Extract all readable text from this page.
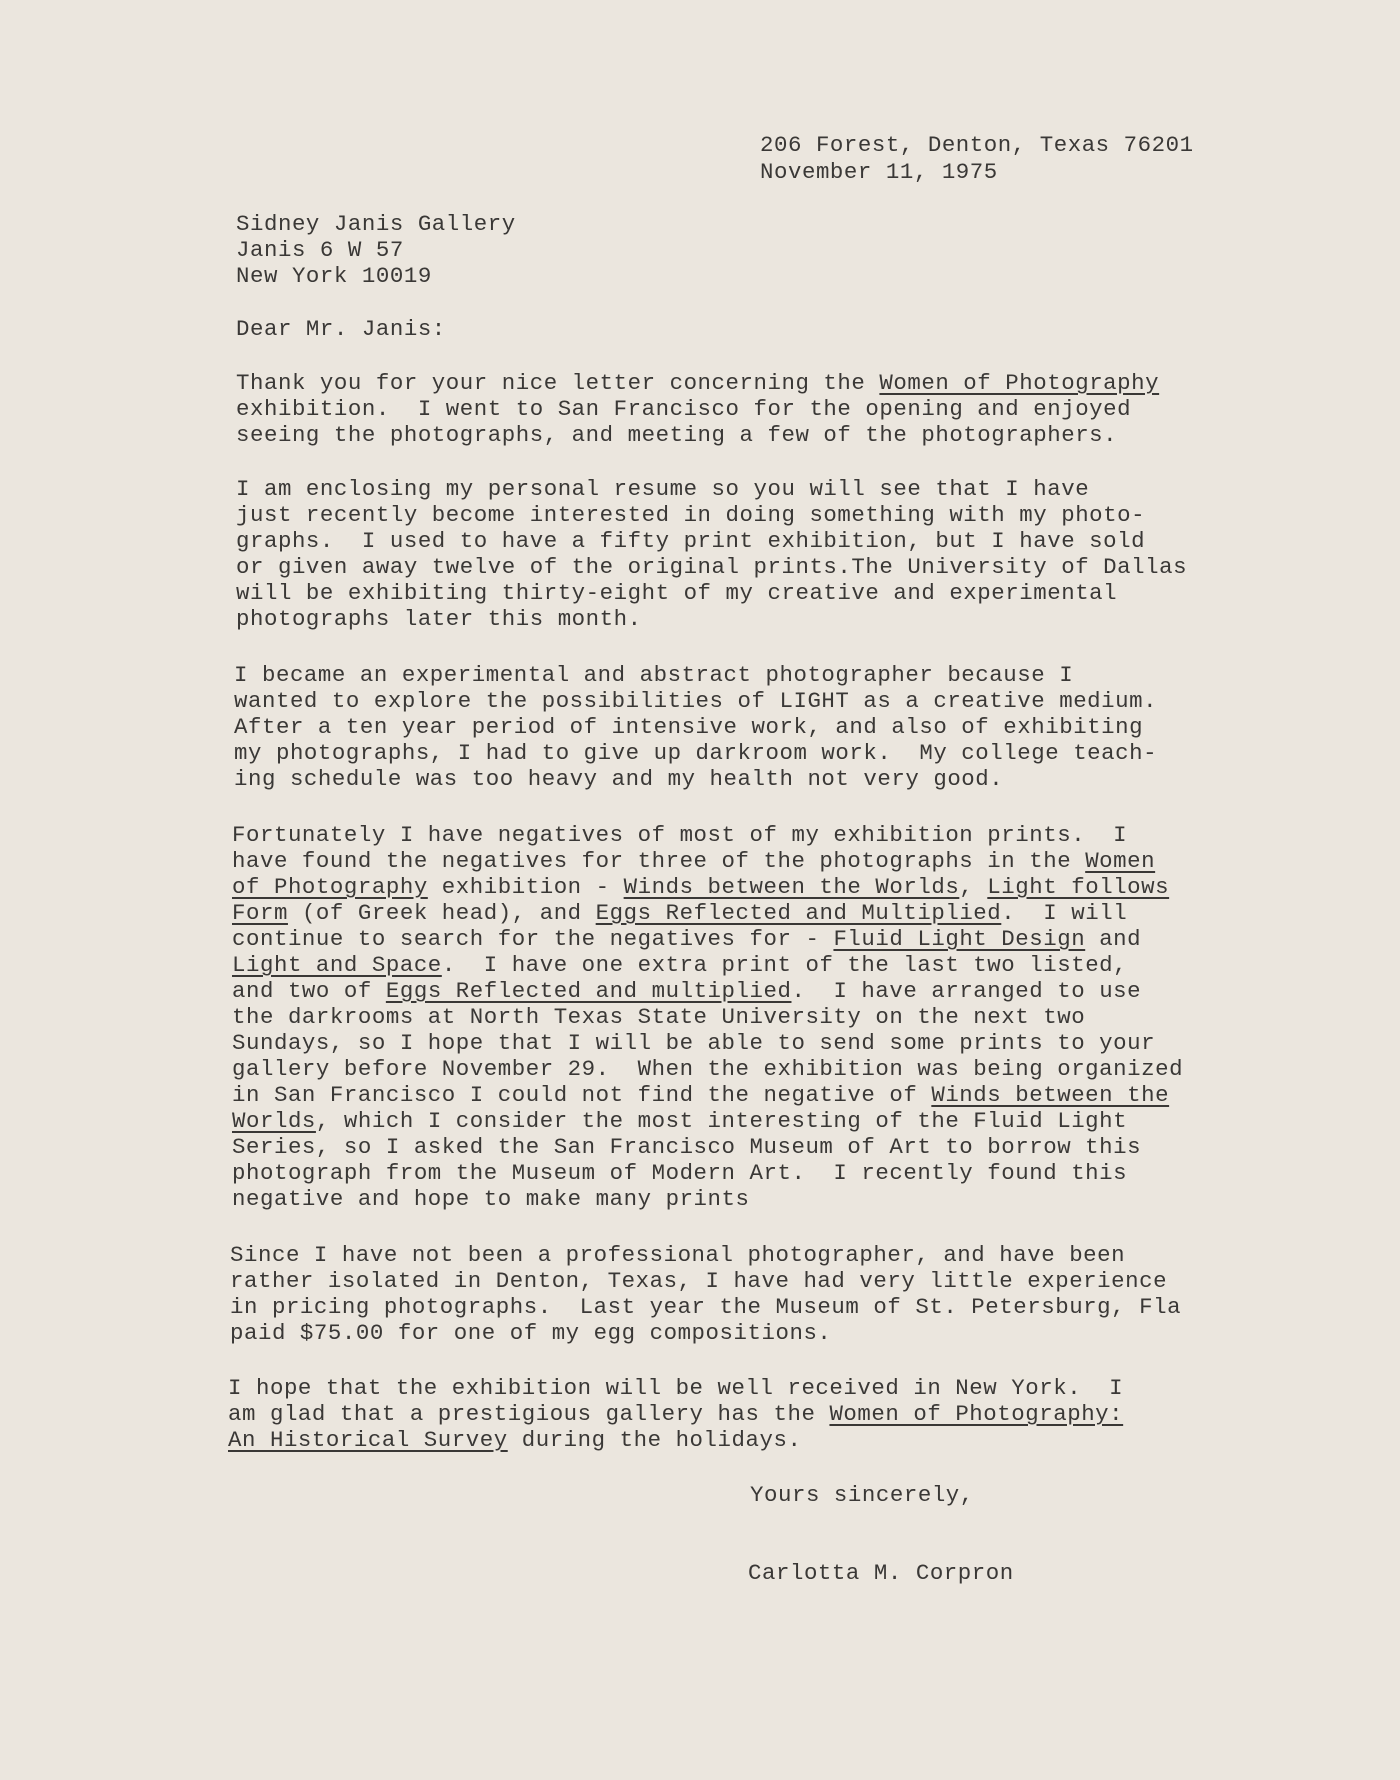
206 Forest, Denton, Texas 76201
November 11, 1975
Sidney Janis Gallery
Janis 6 W 57
New York 10019
Dear Mr. Janis:
Thank you for your nice letter concerning the Women of Photography
exhibition.  I went to San Francisco for the opening and enjoyed
seeing the photographs, and meeting a few of the photographers.
I am enclosing my personal resume so you will see that I have
just recently become interested in doing something with my photo-
graphs.  I used to have a fifty print exhibition, but I have sold
or given away twelve of the original prints.The University of Dallas
will be exhibiting thirty-eight of my creative and experimental
photographs later this month.
I became an experimental and abstract photographer because I
wanted to explore the possibilities of LIGHT as a creative medium.
After a ten year period of intensive work, and also of exhibiting
my photographs, I had to give up darkroom work.  My college teach-
ing schedule was too heavy and my health not very good.
Fortunately I have negatives of most of my exhibition prints.  I
have found the negatives for three of the photographs in the Women
of Photography exhibition - Winds between the Worlds, Light follows
Form (of Greek head), and Eggs Reflected and Multiplied.  I will
continue to search for the negatives for - Fluid Light Design and
Light and Space.  I have one extra print of the last two listed,
and two of Eggs Reflected and multiplied.  I have arranged to use
the darkrooms at North Texas State University on the next two
Sundays, so I hope that I will be able to send some prints to your
gallery before November 29.  When the exhibition was being organized
in San Francisco I could not find the negative of Winds between the
Worlds, which I consider the most interesting of the Fluid Light
Series, so I asked the San Francisco Museum of Art to borrow this
photograph from the Museum of Modern Art.  I recently found this
negative and hope to make many prints
Since I have not been a professional photographer, and have been
rather isolated in Denton, Texas, I have had very little experience
in pricing photographs.  Last year the Museum of St. Petersburg, Fla
paid $75.00 for one of my egg compositions.
I hope that the exhibition will be well received in New York.  I
am glad that a prestigious gallery has the Women of Photography:
An Historical Survey during the holidays.
Yours sincerely,
Carlotta M. Corpron
